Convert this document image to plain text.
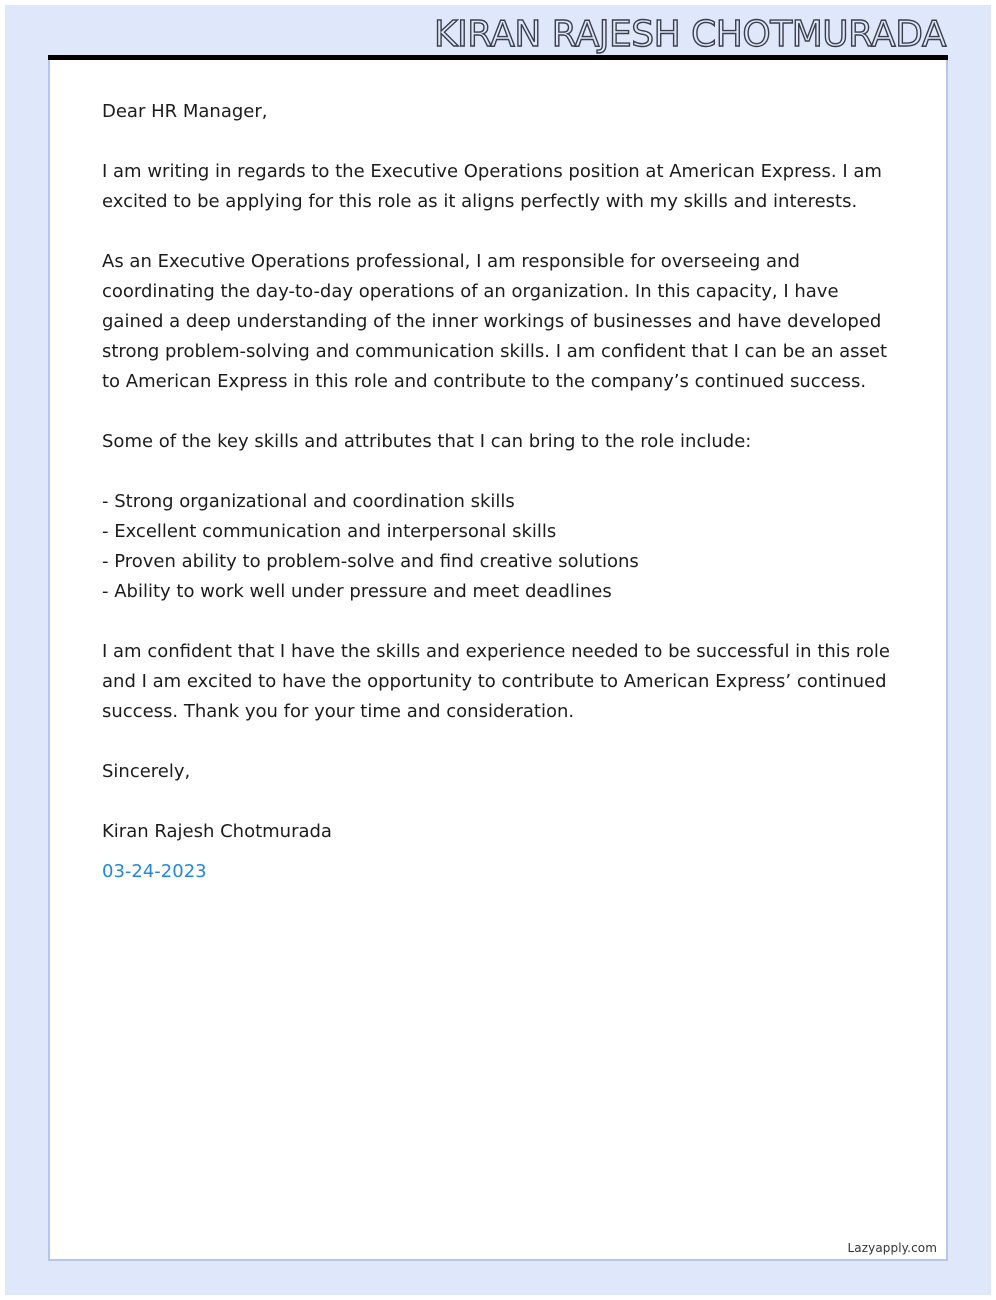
KIRAN RAJESH CHOTMURADA

Dear HR Manager,

I am writing in regards to the Executive Operations position at American Express. I am excited to be applying for this role as it aligns perfectly with my skills and interests.

As an Executive Operations professional, I am responsible for overseeing and coordinating the day-to-day operations of an organization. In this capacity, I have gained a deep understanding of the inner workings of businesses and have developed strong problem-solving and communication skills. I am confident that I can be an asset to American Express in this role and contribute to the company’s continued success.

Some of the key skills and attributes that I can bring to the role include:

- Strong organizational and coordination skills
- Excellent communication and interpersonal skills
- Proven ability to problem-solve and find creative solutions
- Ability to work well under pressure and meet deadlines

I am confident that I have the skills and experience needed to be successful in this role and I am excited to have the opportunity to contribute to American Express’ continued success. Thank you for your time and consideration.

Sincerely,

Kiran Rajesh Chotmurada

03-24-2023

Lazyapply.com
